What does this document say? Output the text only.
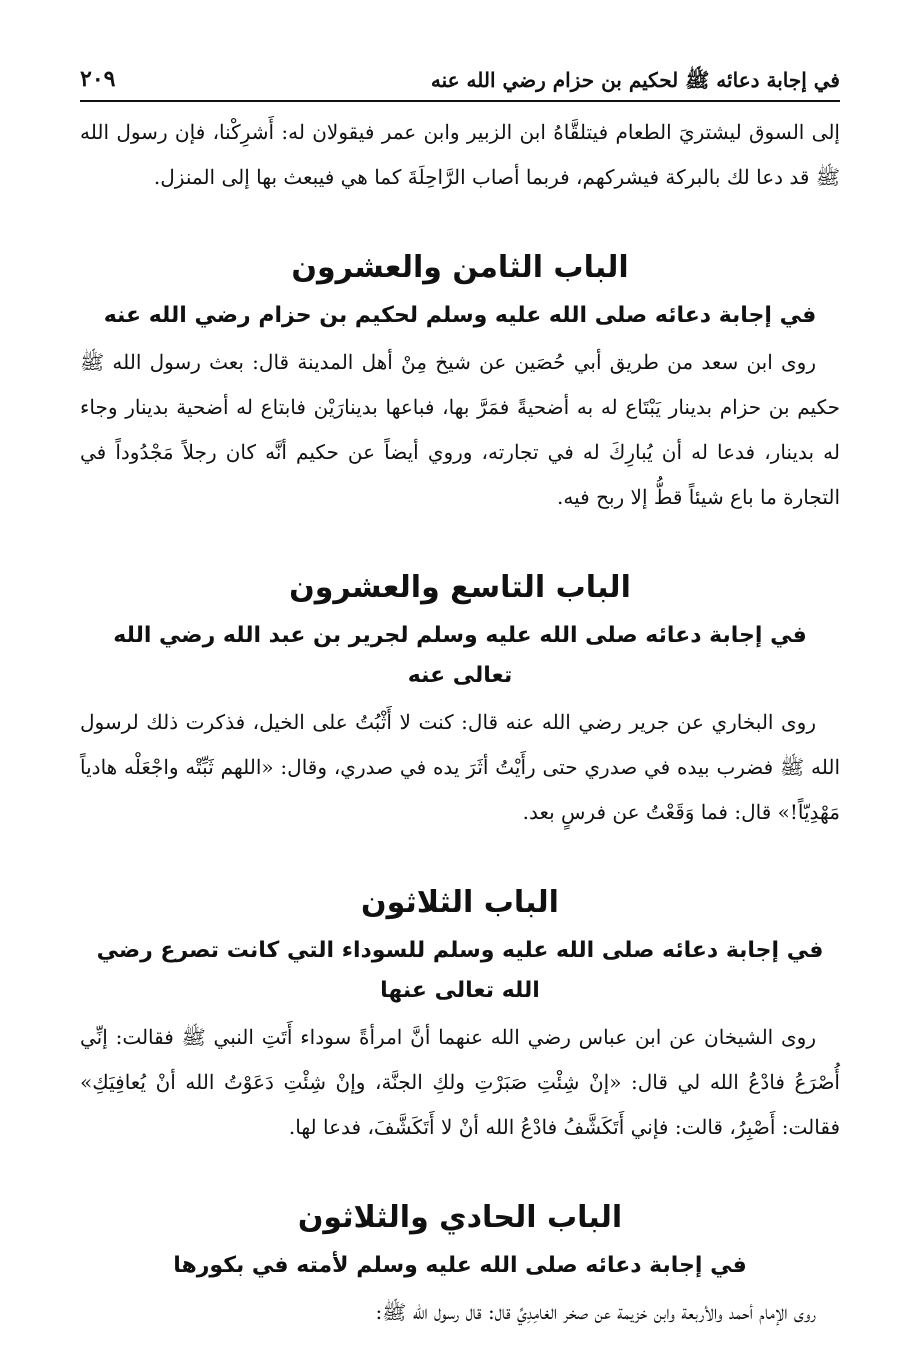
في إجابة دعائه ﷺ لحكيم بن حزام رضي الله عنه
٢٠٩

إلى السوق ليشتريَ الطعام فيتلقَّاهُ ابن الزبير وابن عمر فيقولان له: أَشرِكْنا، فإن رسول الله ﷺ قد دعا لك بالبركة فيشركهم، فربما أصاب الرَّاحِلَةَ كما هي فيبعث بها إلى المنزل.

الباب الثامن والعشرون
في إجابة دعائه صلى الله عليه وسلم لحكيم بن حزام رضي الله عنه

روى ابن سعد من طريق أبي حُصَين عن شيخ مِنْ أهل المدينة قال: بعث رسول الله ﷺ حكيم بن حزام بدينار يَبْتَاع له به أضحيةً فمَرَّ بها، فباعها بدينارَيْن فابتاع له أضحية بدينار وجاء له بدينار، فدعا له أن يُبارِكَ له في تجارته، وروي أيضاً عن حكيم أنَّه كان رجلاً مَجْدُوداً في التجارة ما باع شيئاً قطُّ إلا ربح فيه.

الباب التاسع والعشرون
في إجابة دعائه صلى الله عليه وسلم لجرير بن عبد الله رضي الله تعالى عنه

روى البخاري عن جرير رضي الله عنه قال: كنت لا أَثْبُتُ على الخيل، فذكرت ذلك لرسول الله ﷺ فضرب بيده في صدري حتى رأَيْتُ أثَرَ يده في صدري، وقال: «اللهم ثَبِّتْه واجْعَلْه هادياً مَهْدِيّاً!» قال: فما وَقَعْتُ عن فرسٍ بعد.

الباب الثلاثون
في إجابة دعائه صلى الله عليه وسلم للسوداء التي كانت تصرع رضي الله تعالى عنها

روى الشيخان عن ابن عباس رضي الله عنهما أنَّ امرأةً سوداء أَتَتِ النبي ﷺ فقالت: إنِّي أُصْرَعُ فادْعُ الله لي قال: «إنْ شِئْتِ صَبَرْتِ ولكِ الجنَّة، وإنْ شِئْتِ دَعَوْتُ الله أنْ يُعافِيَكِ» فقالت: أَصْبِرُ، قالت: فإني أَتَكَشَّفُ فادْعُ الله أنْ لا أَتَكَشَّفَ، فدعا لها.

الباب الحادي والثلاثون
في إجابة دعائه صلى الله عليه وسلم لأمته في بكورها

روى الإمام أحمد والأربعة وابن خزيمة عن صخر الغامِدِيِّ قال: قال رسول الله ﷺ:
